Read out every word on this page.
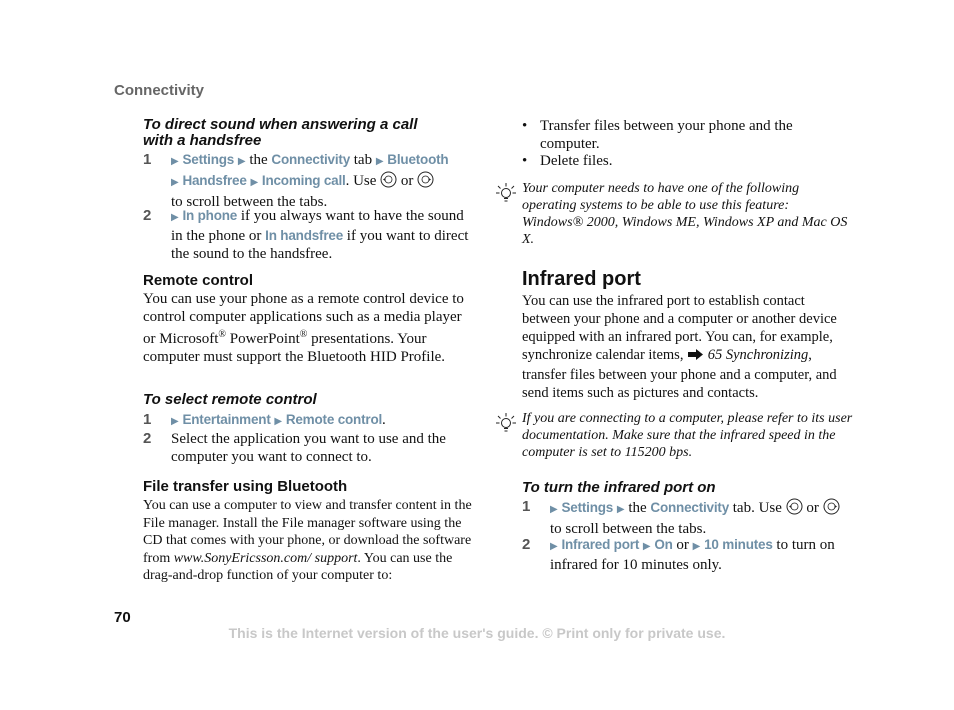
Connectivity
To direct sound when answering a call with a handsfree
1 ▶ Settings ▶ the Connectivity tab ▶ Bluetooth
▶ Handsfree ▶ Incoming call. Use  or
to scroll between the tabs.
2 ▶ In phone if you always want to have the sound in the phone or In handsfree if you want to direct the sound to the handsfree.
Remote control
You can use your phone as a remote control device to control computer applications such as a media player or Microsoft® PowerPoint® presentations. Your computer must support the Bluetooth HID Profile.
To select remote control
1 ▶ Entertainment ▶ Remote control.
2 Select the application you want to use and the computer you want to connect to.
File transfer using Bluetooth
You can use a computer to view and transfer content in the File manager. Install the File manager software using the CD that comes with your phone, or download the software from www.SonyEricsson.com/ support. You can use the drag-and-drop function of your computer to:
70
• Transfer files between your phone and the computer.
• Delete files.
Your computer needs to have one of the following operating systems to be able to use this feature: Windows® 2000, Windows ME, Windows XP and Mac OS X.
Infrared port
You can use the infrared port to establish contact between your phone and a computer or another device equipped with an infrared port. You can, for example, synchronize calendar items,  65 Synchronizing, transfer files between your phone and a computer, and send items such as pictures and contacts.
If you are connecting to a computer, please refer to its user documentation. Make sure that the infrared speed in the computer is set to 115200 bps.
To turn the infrared port on
1 ▶ Settings ▶ the Connectivity tab. Use  or
to scroll between the tabs.
2 ▶ Infrared port ▶ On or ▶ 10 minutes to turn on infrared for 10 minutes only.
This is the Internet version of the user's guide. © Print only for private use.
